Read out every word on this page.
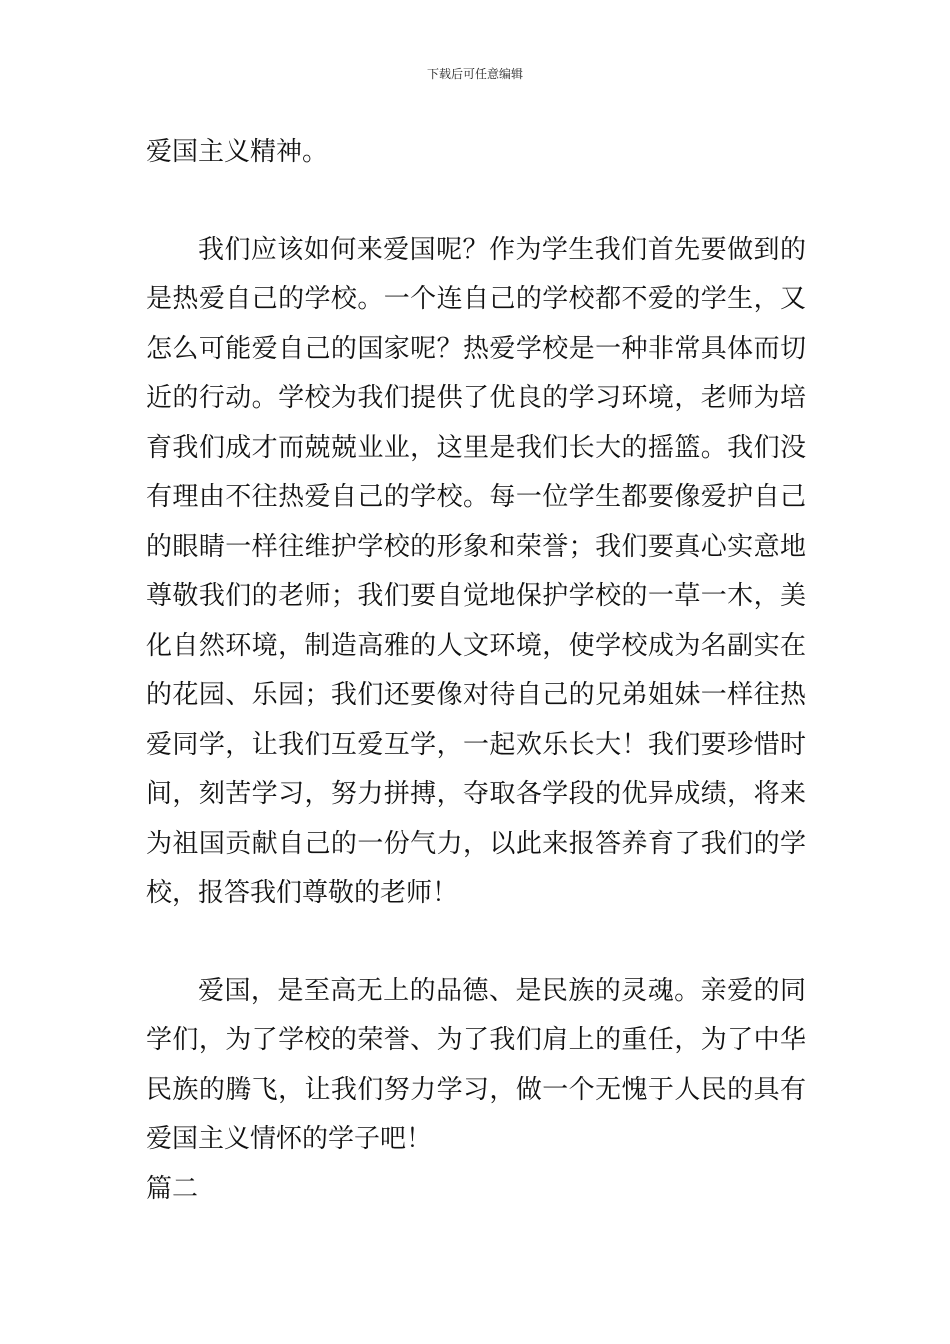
下载后可任意编辑
爱国主义精神。
我们应该如何来爱国呢？作为学生我们首先要做到的
是热爱自己的学校。一个连自己的学校都不爱的学生，又
怎么可能爱自己的国家呢？热爱学校是一种非常具体而切
近的行动。学校为我们提供了优良的学习环境，老师为培
育我们成才而兢兢业业，这里是我们长大的摇篮。我们没
有理由不往热爱自己的学校。每一位学生都要像爱护自己
的眼睛一样往维护学校的形象和荣誉；我们要真心实意地
尊敬我们的老师；我们要自觉地保护学校的一草一木，美
化自然环境，制造高雅的人文环境，使学校成为名副实在
的花园、乐园；我们还要像对待自己的兄弟姐妹一样往热
爱同学，让我们互爱互学，一起欢乐长大！我们要珍惜时
间，刻苦学习，努力拼搏，夺取各学段的优异成绩，将来
为祖国贡献自己的一份气力，以此来报答养育了我们的学
校，报答我们尊敬的老师！
爱国，是至高无上的品德、是民族的灵魂。亲爱的同
学们，为了学校的荣誉、为了我们肩上的重任，为了中华
民族的腾飞，让我们努力学习，做一个无愧于人民的具有
爱国主义情怀的学子吧！
篇二
